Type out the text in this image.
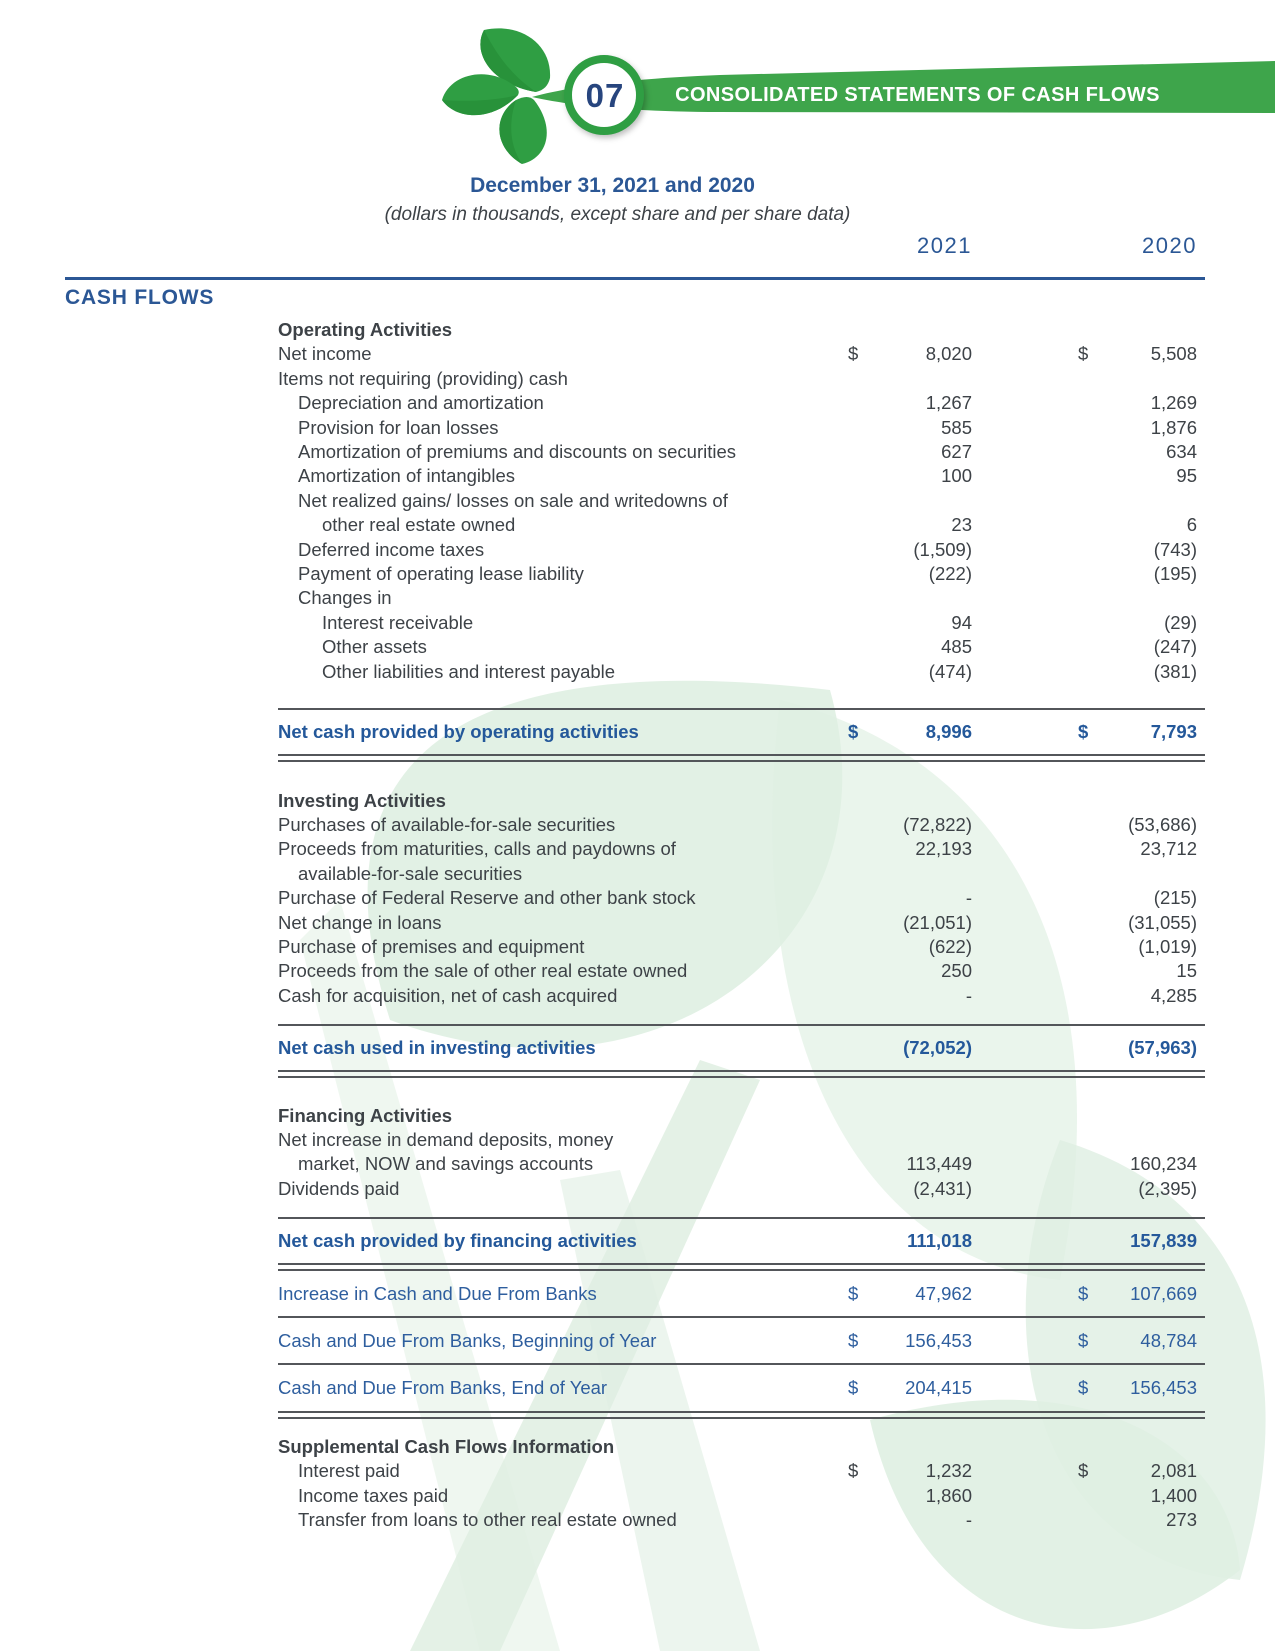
07	CONSOLIDATED STATEMENTS OF CASH FLOWS
December 31, 2021 and 2020
(dollars in thousands, except share and per share data)
2021	2020
CASH FLOWS
Operating Activities
Net income	$	8,020	$	5,508
Items not requiring (providing) cash
Depreciation and amortization	1,267	1,269
Provision for loan losses	585	1,876
Amortization of premiums and discounts on securities	627	634
Amortization of intangibles	100	95
Net realized gains/ losses on sale and writedowns of
other real estate owned	23	6
Deferred income taxes	(1,509)	(743)
Payment of operating lease liability	(222)	(195)
Changes in
Interest receivable	94	(29)
Other assets	485	(247)
Other liabilities and interest payable	(474)	(381)
Net cash provided by operating activities	$	8,996	$	7,793
Investing Activities
Purchases of available-for-sale securities	(72,822)	(53,686)
Proceeds from maturities, calls and paydowns of	22,193	23,712
available-for-sale securities
Purchase of Federal Reserve and other bank stock	-	(215)
Net change in loans	(21,051)	(31,055)
Purchase of premises and equipment	(622)	(1,019)
Proceeds from the sale of other real estate owned	250	15
Cash for acquisition, net of cash acquired	-	4,285
Net cash used in investing activities	(72,052)	(57,963)
Financing Activities
Net increase in demand deposits, money
market, NOW and savings accounts	113,449	160,234
Dividends paid	(2,431)	(2,395)
Net cash provided by financing activities	111,018	157,839
Increase in Cash and Due From Banks	$	47,962	$	107,669
Cash and Due From Banks, Beginning of Year	$	156,453	$	48,784
Cash and Due From Banks, End of Year	$	204,415	$	156,453
Supplemental Cash Flows Information
Interest paid	$	1,232	$	2,081
Income taxes paid	1,860	1,400
Transfer from loans to other real estate owned	-	273
